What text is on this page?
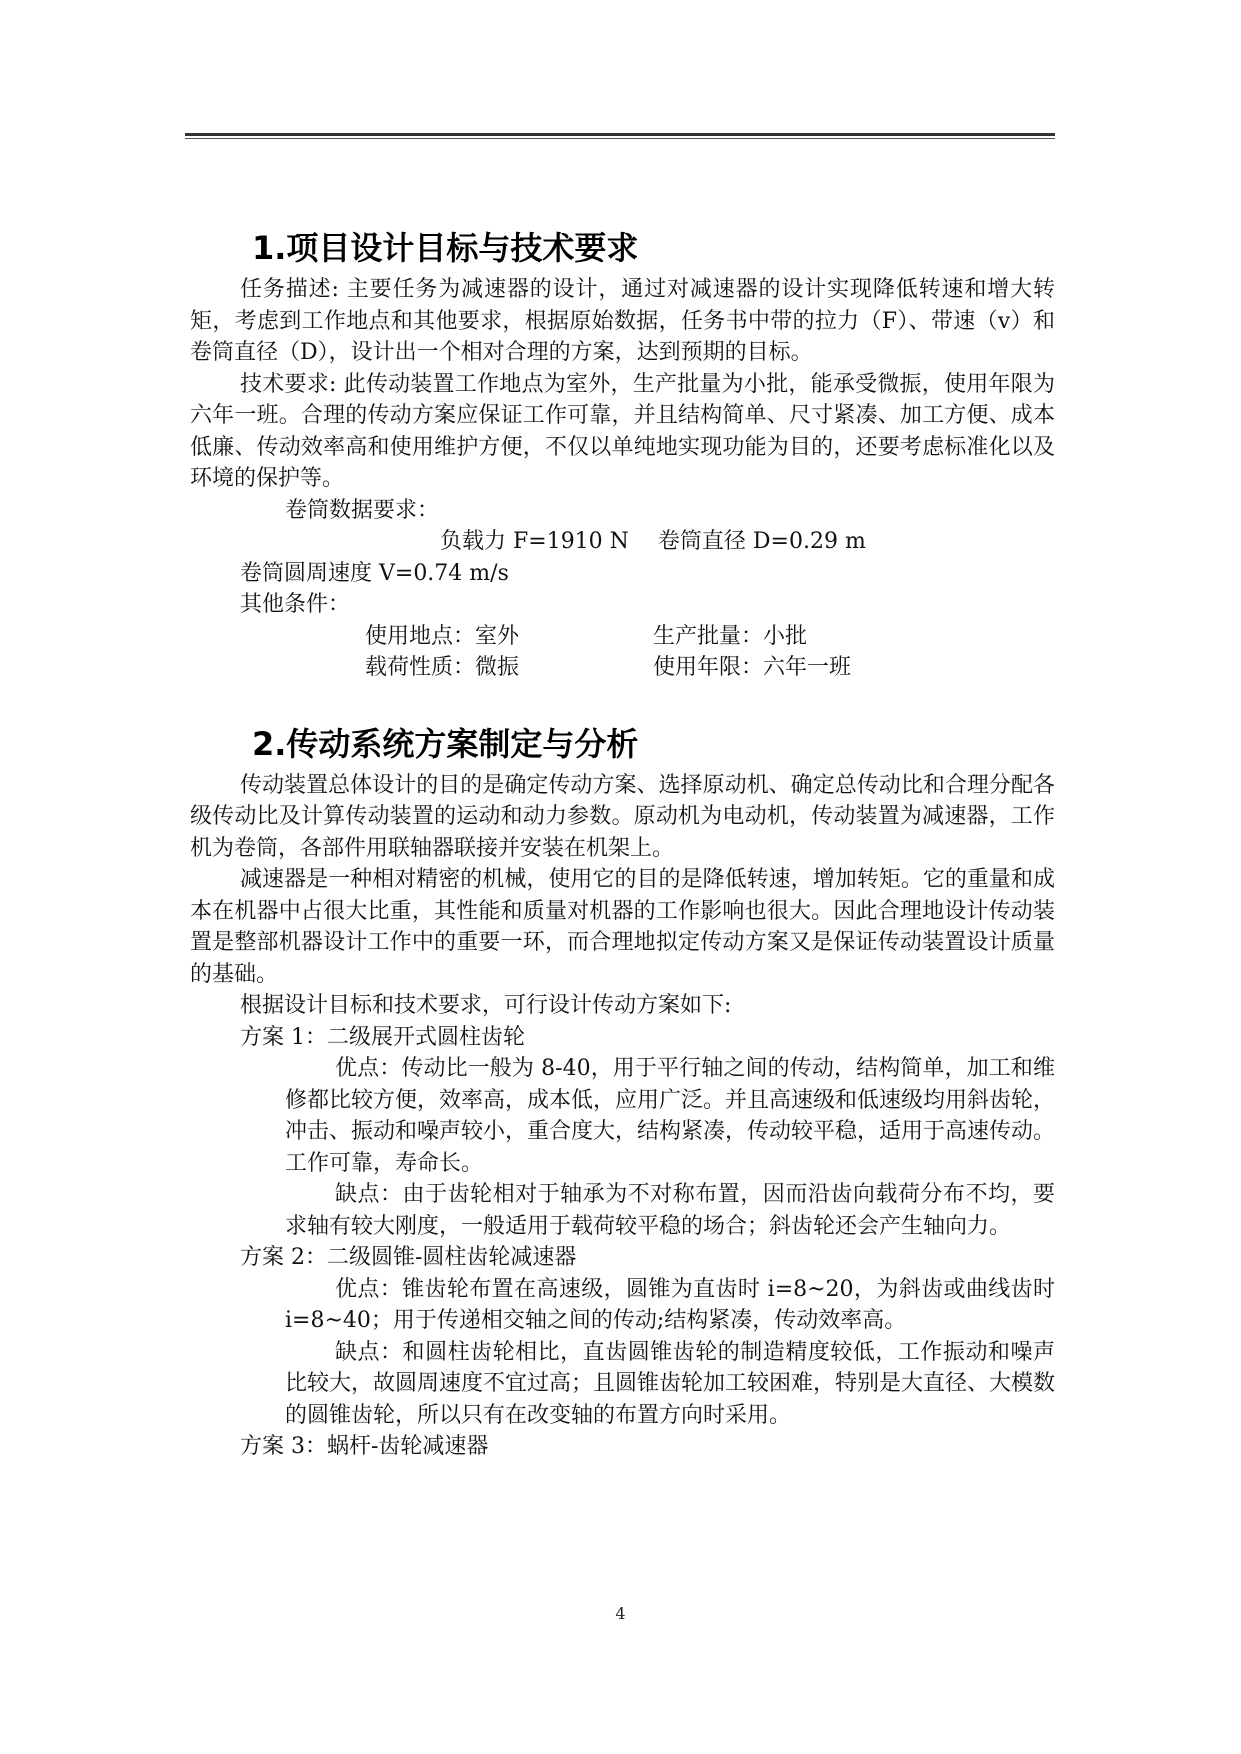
1.项目设计目标与技术要求

任务描述: 主要任务为减速器的设计，通过对减速器的设计实现降低转速和增大转矩，考虑到工作地点和其他要求，根据原始数据，任务书中带的拉力（F）、带速（v）和卷筒直径（D），设计出一个相对合理的方案，达到预期的目标。

技术要求: 此传动装置工作地点为室外，生产批量为小批，能承受微振，使用年限为六年一班。合理的传动方案应保证工作可靠，并且结构简单、尺寸紧凑、加工方便、成本低廉、传动效率高和使用维护方便，不仅以单纯地实现功能为目的，还要考虑标准化以及环境的保护等。

卷筒数据要求：

负载力 F=1910 N　 卷筒直径 D=0.29 m

卷筒圆周速度 V=0.74 m/s

其他条件：

使用地点：室外	生产批量：小批
载荷性质：微振	使用年限：六年一班
2.传动系统方案制定与分析

传动装置总体设计的目的是确定传动方案、选择原动机、确定总传动比和合理分配各级传动比及计算传动装置的运动和动力参数。原动机为电动机，传动装置为减速器，工作机为卷筒，各部件用联轴器联接并安装在机架上。

减速器是一种相对精密的机械，使用它的目的是降低转速，增加转矩。它的重量和成本在机器中占很大比重，其性能和质量对机器的工作影响也很大。因此合理地设计传动装置是整部机器设计工作中的重要一环，而合理地拟定传动方案又是保证传动装置设计质量的基础。

根据设计目标和技术要求，可行设计传动方案如下:

方案 1：二级展开式圆柱齿轮

优点：传动比一般为 8-40，用于平行轴之间的传动，结构简单，加工和维修都比较方便，效率高，成本低，应用广泛。并且高速级和低速级均用斜齿轮，冲击、振动和噪声较小，重合度大，结构紧凑，传动较平稳，适用于高速传动。工作可靠，寿命长。

缺点：由于齿轮相对于轴承为不对称布置，因而沿齿向载荷分布不均，要求轴有较大刚度，一般适用于载荷较平稳的场合；斜齿轮还会产生轴向力。

方案 2：二级圆锥-圆柱齿轮减速器

优点：锥齿轮布置在高速级，圆锥为直齿时 i=8~20，为斜齿或曲线齿时 i=8~40；用于传递相交轴之间的传动;结构紧凑，传动效率高。

缺点：和圆柱齿轮相比，直齿圆锥齿轮的制造精度较低，工作振动和噪声比较大，故圆周速度不宜过高；且圆锥齿轮加工较困难，特别是大直径、大模数的圆锥齿轮，所以只有在改变轴的布置方向时采用。

方案 3：蜗杆-齿轮减速器

4
